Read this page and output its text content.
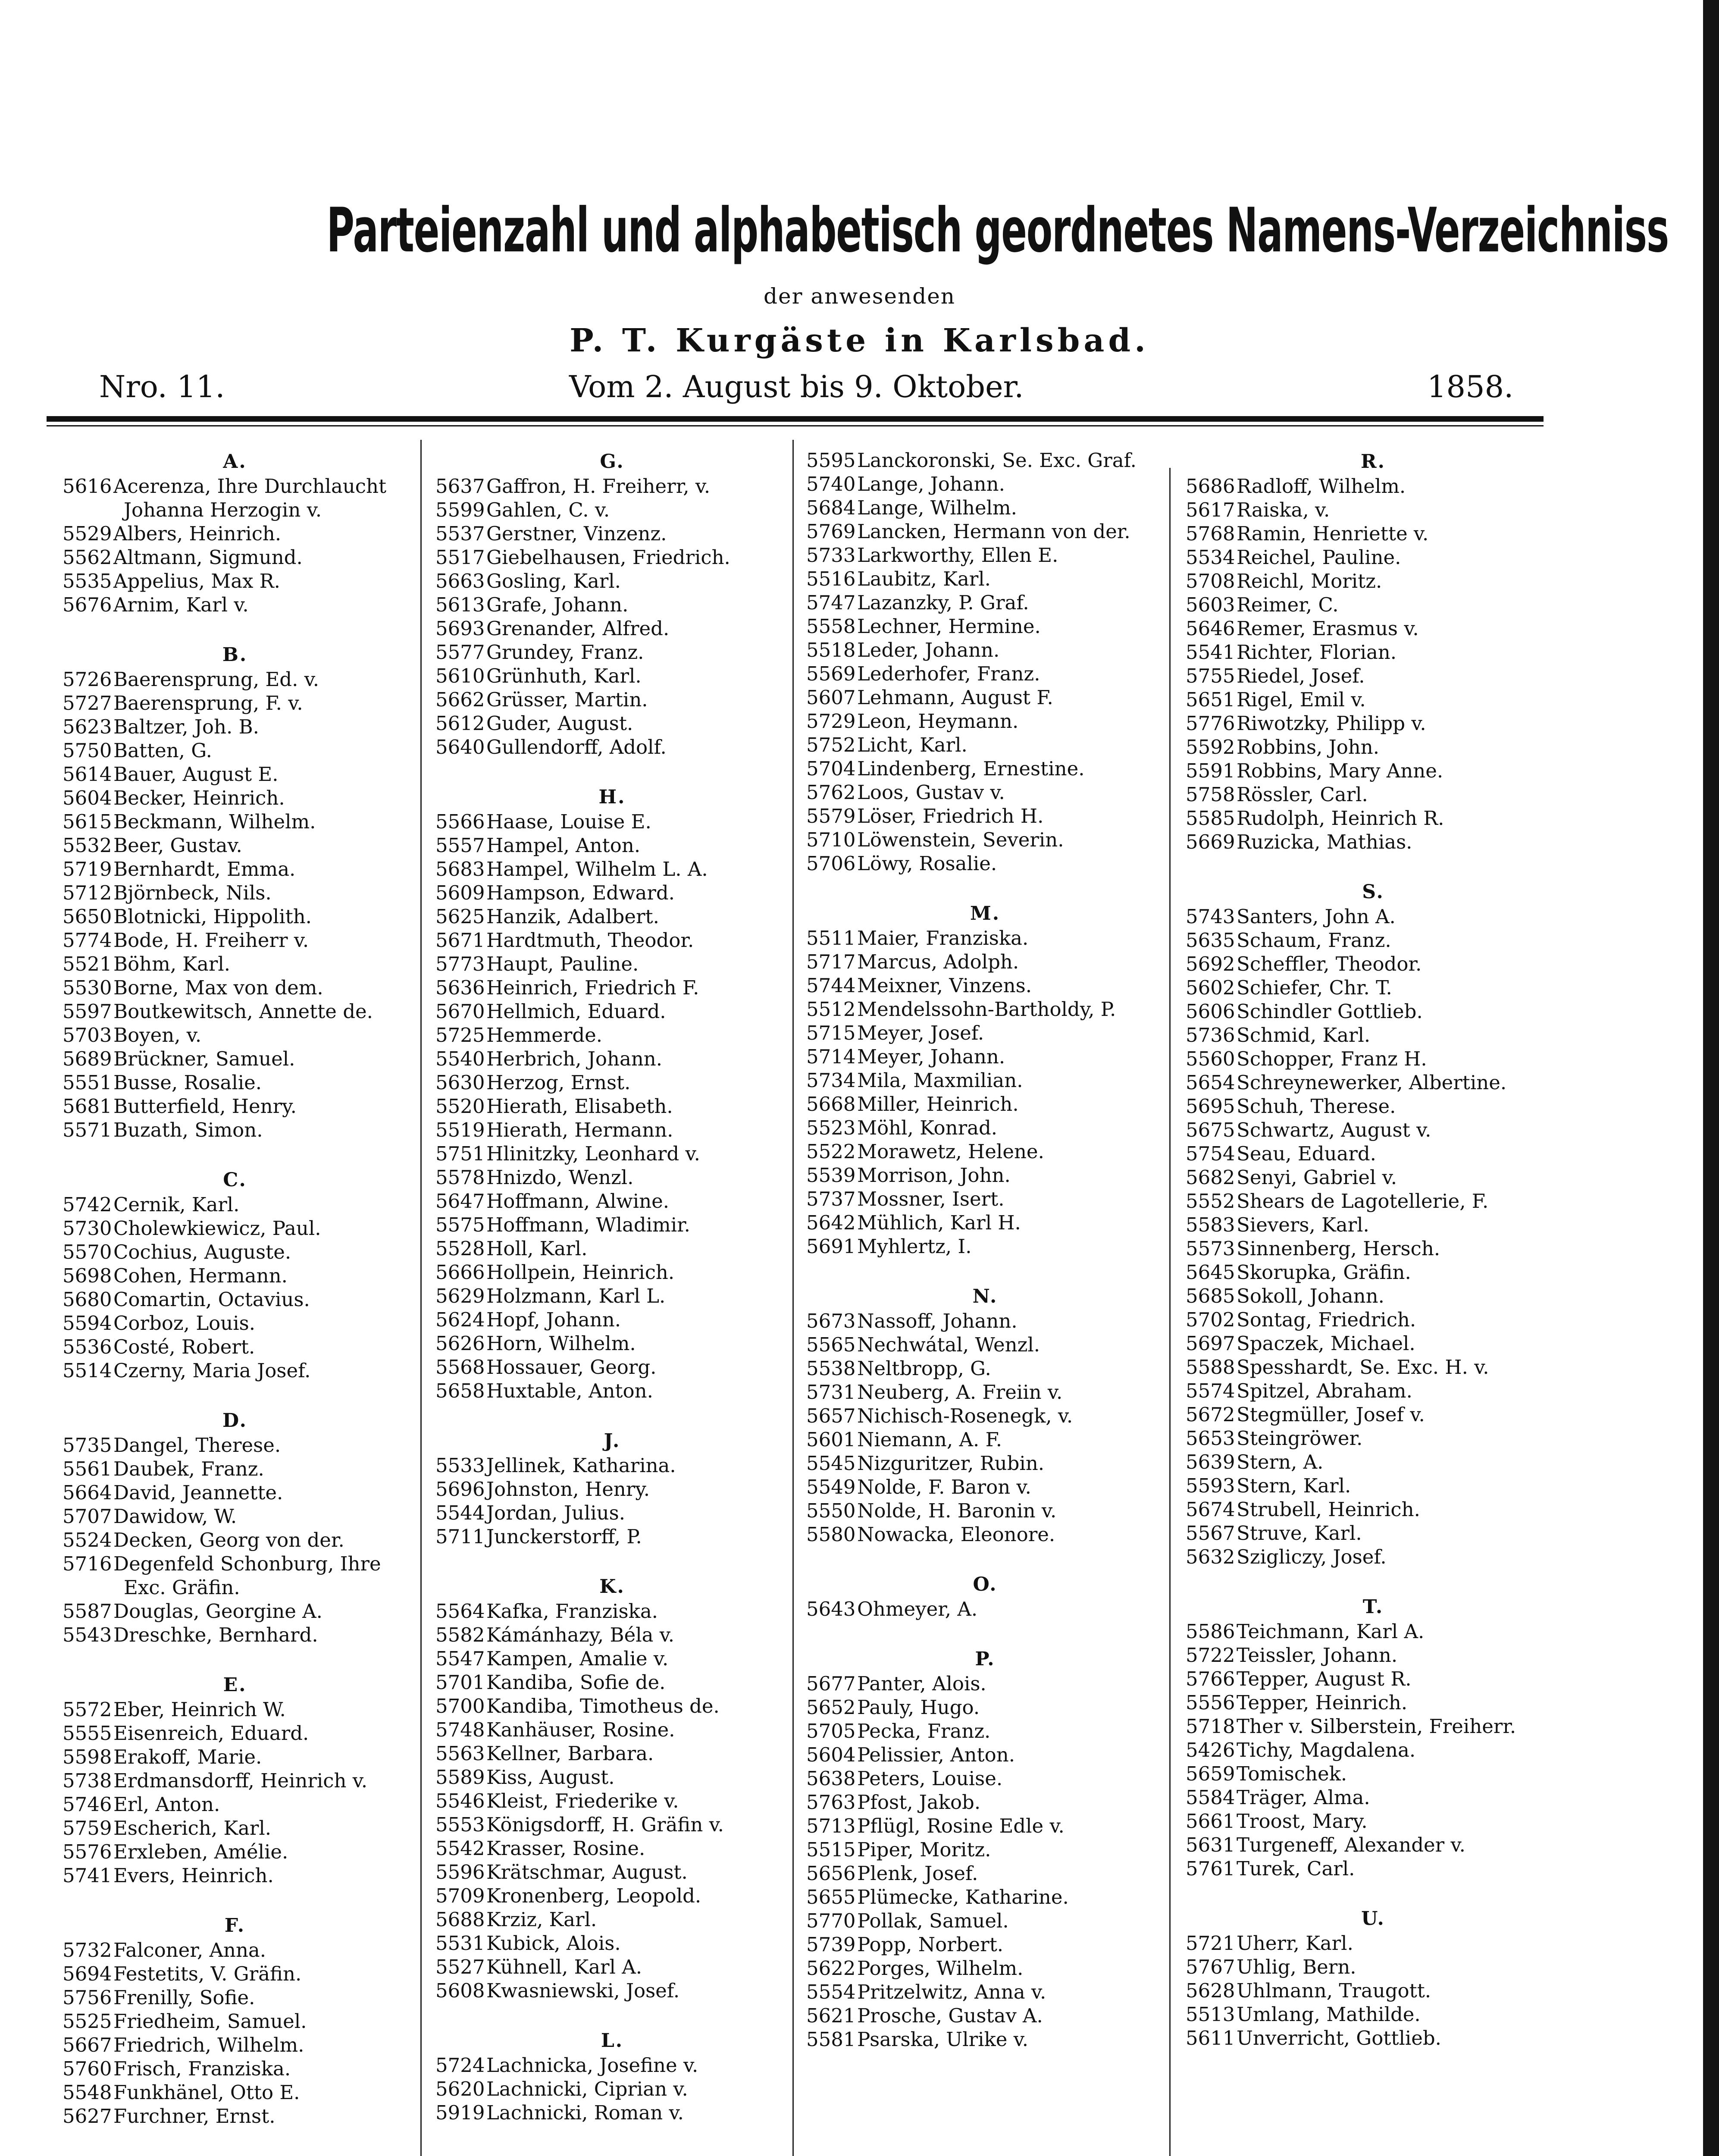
Parteienzahl und alphabetisch geordnetes Namens-Verzeichniss
der anwesenden
P. T. Kurgäste in Karlsbad.
Nro. 11.	Vom 2. August bis 9. Oktober.	1858.
A.
5616Acerenza, Ihre Durchlaucht
Johanna Herzogin v.
5529Albers, Heinrich.
5562Altmann, Sigmund.
5535Appelius, Max R.
5676Arnim, Karl v.
B.
5726Baerensprung, Ed. v.
5727Baerensprung, F. v.
5623Baltzer, Joh. B.
5750Batten, G.
5614Bauer, August E.
5604Becker, Heinrich.
5615Beckmann, Wilhelm.
5532Beer, Gustav.
5719Bernhardt, Emma.
5712Björnbeck, Nils.
5650Blotnicki, Hippolith.
5774Bode, H. Freiherr v.
5521Böhm, Karl.
5530Borne, Max von dem.
5597Boutkewitsch, Annette de.
5703Boyen, v.
5689Brückner, Samuel.
5551Busse, Rosalie.
5681Butterfield, Henry.
5571Buzath, Simon.
C.
5742Cernik, Karl.
5730Cholewkiewicz, Paul.
5570Cochius, Auguste.
5698Cohen, Hermann.
5680Comartin, Octavius.
5594Corboz, Louis.
5536Costé, Robert.
5514Czerny, Maria Josef.
D.
5735Dangel, Therese.
5561Daubek, Franz.
5664David, Jeannette.
5707Dawidow, W.
5524Decken, Georg von der.
5716Degenfeld Schonburg, Ihre
Exc. Gräfin.
5587Douglas, Georgine A.
5543Dreschke, Bernhard.
E.
5572Eber, Heinrich W.
5555Eisenreich, Eduard.
5598Erakoff, Marie.
5738Erdmansdorff, Heinrich v.
5746Erl, Anton.
5759Escherich, Karl.
5576Erxleben, Amélie.
5741Evers, Heinrich.
F.
5732Falconer, Anna.
5694Festetits, V. Gräfin.
5756Frenilly, Sofie.
5525Friedheim, Samuel.
5667Friedrich, Wilhelm.
5760Frisch, Franziska.
5548Funkhänel, Otto E.
5627Furchner, Ernst.
G.
5637Gaffron, H. Freiherr, v.
5599Gahlen, C. v.
5537Gerstner, Vinzenz.
5517Giebelhausen, Friedrich.
5663Gosling, Karl.
5613Grafe, Johann.
5693Grenander, Alfred.
5577Grundey, Franz.
5610Grünhuth, Karl.
5662Grüsser, Martin.
5612Guder, August.
5640Gullendorff, Adolf.
H.
5566Haase, Louise E.
5557Hampel, Anton.
5683Hampel, Wilhelm L. A.
5609Hampson, Edward.
5625Hanzik, Adalbert.
5671Hardtmuth, Theodor.
5773Haupt, Pauline.
5636Heinrich, Friedrich F.
5670Hellmich, Eduard.
5725Hemmerde.
5540Herbrich, Johann.
5630Herzog, Ernst.
5520Hierath, Elisabeth.
5519Hierath, Hermann.
5751Hlinitzky, Leonhard v.
5578Hnizdo, Wenzl.
5647Hoffmann, Alwine.
5575Hoffmann, Wladimir.
5528Holl, Karl.
5666Hollpein, Heinrich.
5629Holzmann, Karl L.
5624Hopf, Johann.
5626Horn, Wilhelm.
5568Hossauer, Georg.
5658Huxtable, Anton.
J.
5533Jellinek, Katharina.
5696Johnston, Henry.
5544Jordan, Julius.
5711Junckerstorff, P.
K.
5564Kafka, Franziska.
5582Kámánhazy, Béla v.
5547Kampen, Amalie v.
5701Kandiba, Sofie de.
5700Kandiba, Timotheus de.
5748Kanhäuser, Rosine.
5563Kellner, Barbara.
5589Kiss, August.
5546Kleist, Friederike v.
5553Königsdorff, H. Gräfin v.
5542Krasser, Rosine.
5596Krätschmar, August.
5709Kronenberg, Leopold.
5688Krziz, Karl.
5531Kubick, Alois.
5527Kühnell, Karl A.
5608Kwasniewski, Josef.
L.
5724Lachnicka, Josefine v.
5620Lachnicki, Ciprian v.
5919Lachnicki, Roman v.
5595Lanckoronski, Se. Exc. Graf.
5740Lange, Johann.
5684Lange, Wilhelm.
5769Lancken, Hermann von der.
5733Larkworthy, Ellen E.
5516Laubitz, Karl.
5747Lazanzky, P. Graf.
5558Lechner, Hermine.
5518Leder, Johann.
5569Lederhofer, Franz.
5607Lehmann, August F.
5729Leon, Heymann.
5752Licht, Karl.
5704Lindenberg, Ernestine.
5762Loos, Gustav v.
5579Löser, Friedrich H.
5710Löwenstein, Severin.
5706Löwy, Rosalie.
M.
5511Maier, Franziska.
5717Marcus, Adolph.
5744Meixner, Vinzens.
5512Mendelssohn-Bartholdy, P.
5715Meyer, Josef.
5714Meyer, Johann.
5734Mila, Maxmilian.
5668Miller, Heinrich.
5523Möhl, Konrad.
5522Morawetz, Helene.
5539Morrison, John.
5737Mossner, Isert.
5642Mühlich, Karl H.
5691Myhlertz, I.
N.
5673Nassoff, Johann.
5565Nechwátal, Wenzl.
5538Neltbropp, G.
5731Neuberg, A. Freiin v.
5657Nichisch-Rosenegk, v.
5601Niemann, A. F.
5545Nizguritzer, Rubin.
5549Nolde, F. Baron v.
5550Nolde, H. Baronin v.
5580Nowacka, Eleonore.
O.
5643Ohmeyer, A.
P.
5677Panter, Alois.
5652Pauly, Hugo.
5705Pecka, Franz.
5604Pelissier, Anton.
5638Peters, Louise.
5763Pfost, Jakob.
5713Pflügl, Rosine Edle v.
5515Piper, Moritz.
5656Plenk, Josef.
5655Plümecke, Katharine.
5770Pollak, Samuel.
5739Popp, Norbert.
5622Porges, Wilhelm.
5554Pritzelwitz, Anna v.
5621Prosche, Gustav A.
5581Psarska, Ulrike v.
R.
5686Radloff, Wilhelm.
5617Raiska, v.
5768Ramin, Henriette v.
5534Reichel, Pauline.
5708Reichl, Moritz.
5603Reimer, C.
5646Remer, Erasmus v.
5541Richter, Florian.
5755Riedel, Josef.
5651Rigel, Emil v.
5776Riwotzky, Philipp v.
5592Robbins, John.
5591Robbins, Mary Anne.
5758Rössler, Carl.
5585Rudolph, Heinrich R.
5669Ruzicka, Mathias.
S.
5743Santers, John A.
5635Schaum, Franz.
5692Scheffler, Theodor.
5602Schiefer, Chr. T.
5606Schindler Gottlieb.
5736Schmid, Karl.
5560Schopper, Franz H.
5654Schreynewerker, Albertine.
5695Schuh, Therese.
5675Schwartz, August v.
5754Seau, Eduard.
5682Senyi, Gabriel v.
5552Shears de Lagotellerie, F.
5583Sievers, Karl.
5573Sinnenberg, Hersch.
5645Skorupka, Gräfin.
5685Sokoll, Johann.
5702Sontag, Friedrich.
5697Spaczek, Michael.
5588Spesshardt, Se. Exc. H. v.
5574Spitzel, Abraham.
5672Stegmüller, Josef v.
5653Steingröwer.
5639Stern, A.
5593Stern, Karl.
5674Strubell, Heinrich.
5567Struve, Karl.
5632Szigliczy, Josef.
T.
5586Teichmann, Karl A.
5722Teissler, Johann.
5766Tepper, August R.
5556Tepper, Heinrich.
5718Ther v. Silberstein, Freiherr.
5426Tichy, Magdalena.
5659Tomischek.
5584Träger, Alma.
5661Troost, Mary.
5631Turgeneff, Alexander v.
5761Turek, Carl.
U.
5721Uherr, Karl.
5767Uhlig, Bern.
5628Uhlmann, Traugott.
5513Umlang, Mathilde.
5611Unverricht, Gottlieb.
